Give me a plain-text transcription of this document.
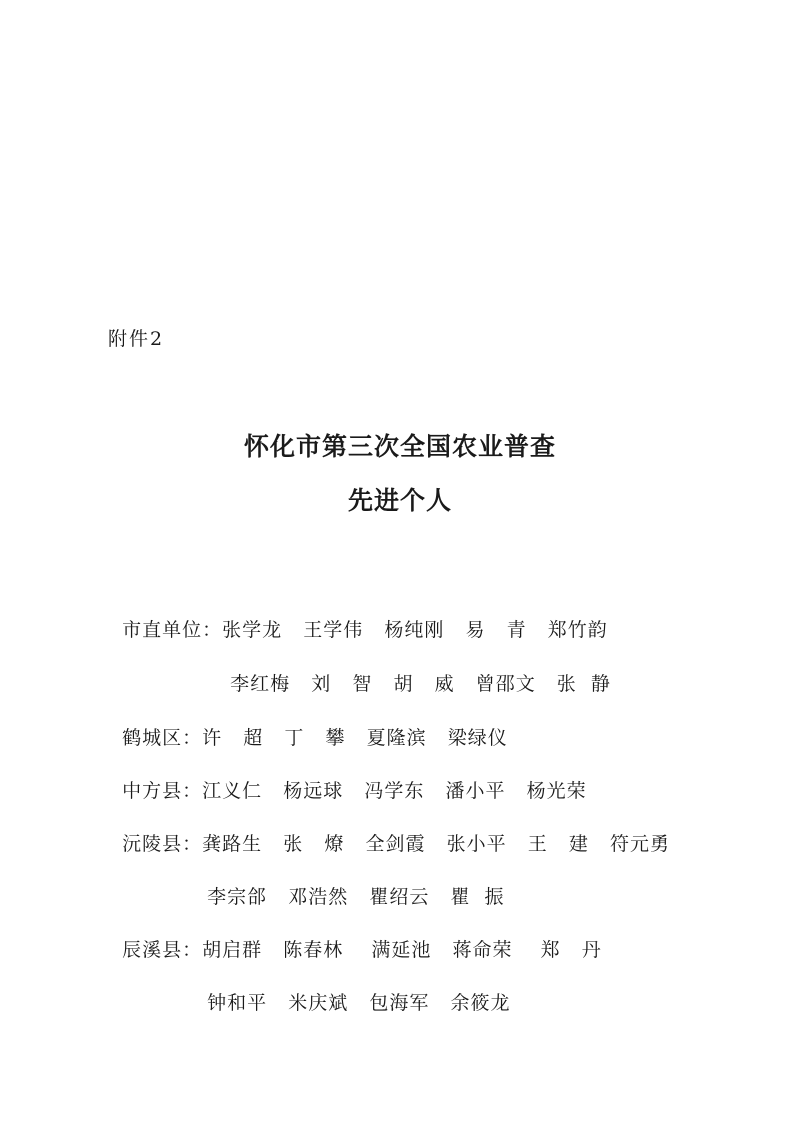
附件2
怀化市第三次全国农业普查
先进个人

市直单位：张学龙   王学伟   杨纯刚   易   青   郑竹韵

李红梅   刘   智   胡   威   曾邵文   张  静

鹤城区：许   超   丁   攀   夏隆滨   梁绿仪

中方县：江义仁   杨远球   冯学东   潘小平   杨光荣

沅陵县：龚路生   张   燎   全剑霞   张小平   王   建   符元勇

李宗郃   邓浩然   瞿绍云   瞿  振

辰溪县：胡启群   陈春林    满延池   蒋命荣    郑   丹

钟和平   米庆斌   包海军   余筱龙
